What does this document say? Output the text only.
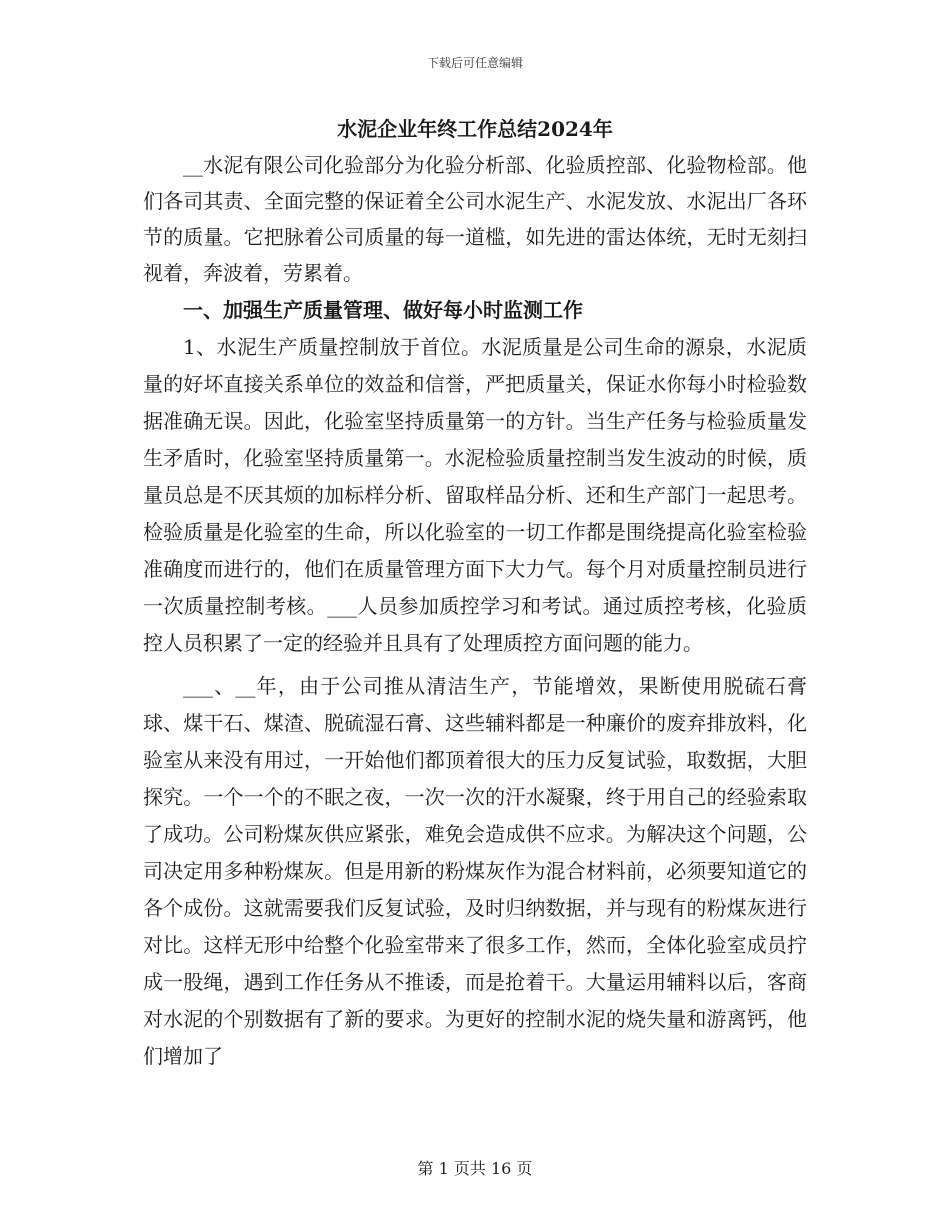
下载后可任意编辑
水泥企业年终工作总结2024年

__水泥有限公司化验部分为化验分析部、化验质控部、化验物检部。他们各司其责、全面完整的保证着全公司水泥生产、水泥发放、水泥出厂各环节的质量。它把脉着公司质量的每一道槛，如先进的雷达体统，无时无刻扫视着，奔波着，劳累着。

一、加强生产质量管理、做好每小时监测工作

1、水泥生产质量控制放于首位。水泥质量是公司生命的源泉，水泥质量的好坏直接关系单位的效益和信誉，严把质量关，保证水你每小时检验数据准确无误。因此，化验室坚持质量第一的方针。当生产任务与检验质量发生矛盾时，化验室坚持质量第一。水泥检验质量控制当发生波动的时候，质量员总是不厌其烦的加标样分析、留取样品分析、还和生产部门一起思考。检验质量是化验室的生命，所以化验室的一切工作都是围绕提高化验室检验准确度而进行的，他们在质量管理方面下大力气。每个月对质量控制员进行一次质量控制考核。___人员参加质控学习和考试。通过质控考核，化验质控人员积累了一定的经验并且具有了处理质控方面问题的能力。

___、__年，由于公司推从清洁生产，节能增效，果断使用脱硫石膏球、煤干石、煤渣、脱硫湿石膏、这些辅料都是一种廉价的废弃排放料，化验室从来没有用过，一开始他们都顶着很大的压力反复试验，取数据，大胆探究。一个一个的不眠之夜，一次一次的汗水凝聚，终于用自己的经验索取了成功。公司粉煤灰供应紧张，难免会造成供不应求。为解决这个问题，公司决定用多种粉煤灰。但是用新的粉煤灰作为混合材料前，必须要知道它的各个成份。这就需要我们反复试验，及时归纳数据，并与现有的粉煤灰进行对比。这样无形中给整个化验室带来了很多工作，然而，全体化验室成员拧成一股绳，遇到工作任务从不推诿，而是抢着干。大量运用辅料以后，客商对水泥的个别数据有了新的要求。为更好的控制水泥的烧失量和游离钙，他们增加了

第 1 页共 16 页
